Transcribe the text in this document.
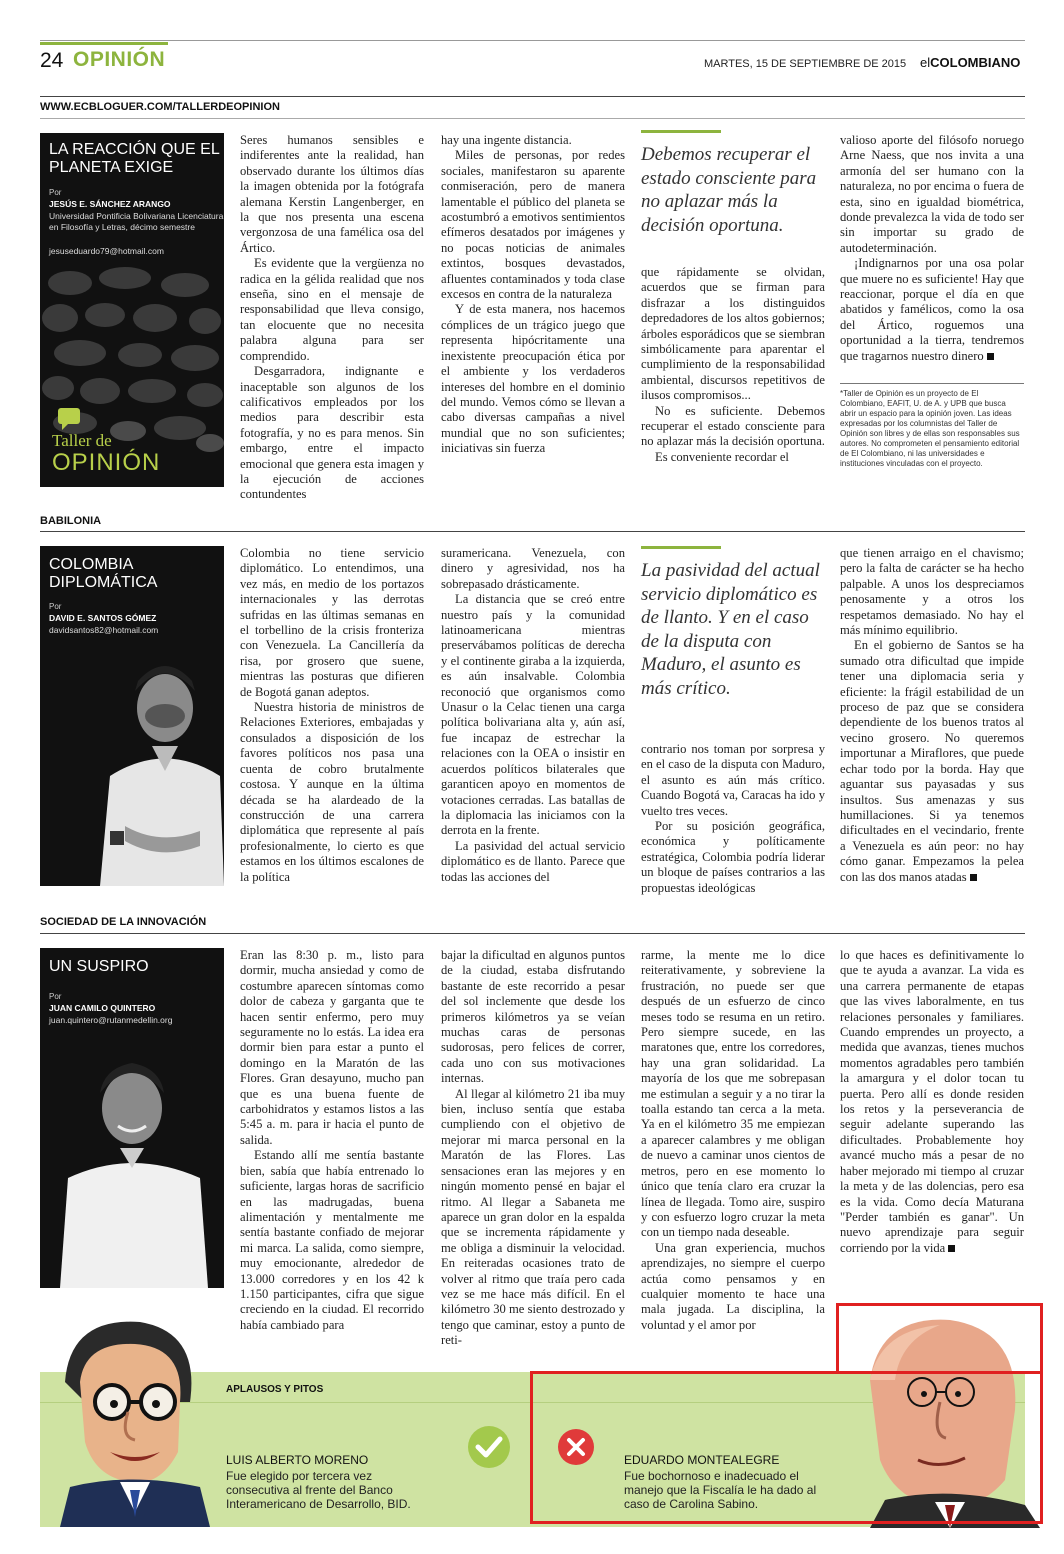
24 OPINIÓN	MARTES, 15 DE SEPTIEMBRE DE 2015 elCOLOMBIANO
WWW.ECBLOGUER.COM/TALLERDEOPINION
LA REACCIÓN QUE EL PLANETA EXIGE
Por
JESÚS E. SÁNCHEZ ARANGO
Universidad Pontificia Bolivariana Licenciatura en Filosofía y Letras, décimo semestre
jesuseduardo79@hotmail.com
Taller de
OPINIÓN

Seres humanos sensibles e indiferentes ante la realidad, han observado durante los últimos días la imagen obtenida por la fotógrafa alemana Kerstin Langenberger, en la que nos presenta una escena vergonzosa de una famélica osa del Ártico.

Es evidente que la vergüenza no radica en la gélida realidad que nos enseña, sino en el mensaje de responsabilidad que lleva consigo, tan elocuente que no necesita palabra alguna para ser comprendido.

Desgarradora, indignante e inaceptable son algunos de los calificativos empleados por los medios para describir esta fotografía, y no es para menos. Sin embargo, entre el impacto emocional que genera esta imagen y la ejecución de acciones contundentes

hay una ingente distancia.

Miles de personas, por redes sociales, manifestaron su aparente conmiseración, pero de manera lamentable el público del planeta se acostumbró a emotivos sentimientos efímeros desatados por imágenes y no pocas noticias de animales extintos, bosques devastados, afluentes contaminados y toda clase excesos en contra de la naturaleza

Y de esta manera, nos hacemos cómplices de un trágico juego que representa hipócritamente una inexistente preocupación ética por el ambiente y los verdaderos intereses del hombre en el dominio del mundo. Vemos cómo se llevan a cabo diversas campañas a nivel mundial que no son suficientes; iniciativas sin fuerza

Debemos recuperar el estado consciente para no aplazar más la decisión oportuna.

que rápidamente se olvidan, acuerdos que se firman para disfrazar a los distinguidos depredadores de los altos gobiernos; árboles esporádicos que se siembran simbólicamente para aparentar el cumplimiento de la responsabilidad ambiental, discursos repetitivos de ilusos compromisos...

No es suficiente. Debemos recuperar el estado consciente para no aplazar más la decisión oportuna.

Es conveniente recordar el

valioso aporte del filósofo noruego Arne Naess, que nos invita a una armonía del ser humano con la naturaleza, no por encima o fuera de esta, sino en igualdad biométrica, donde prevalezca la vida de todo ser sin importar su grado de autodeterminación.

¡Indignarnos por una osa polar que muere no es suficiente! Hay que reaccionar, porque el día en que abatidos y famélicos, como la osa del Ártico, roguemos una oportunidad a la tierra, tendremos que tragarnos nuestro dinero

*Taller de Opinión es un proyecto de El Colombiano, EAFIT, U. de A. y UPB que busca abrir un espacio para la opinión joven. Las ideas expresadas por los columnistas del Taller de Opinión son libres y de ellas son responsables sus autores. No comprometen el pensamiento editorial de El Colombiano, ni las universidades e instituciones vinculadas con el proyecto.
BABILONIA
COLOMBIA DIPLOMÁTICA
Por
DAVID E. SANTOS GÓMEZ
davidsantos82@hotmail.com

Colombia no tiene servicio diplomático. Lo entendimos, una vez más, en medio de los portazos internacionales y las derrotas sufridas en las últimas semanas en el torbellino de la crisis fronteriza con Venezuela. La Cancillería da risa, por grosero que suene, mientras las posturas que difieren de Bogotá ganan adeptos.

Nuestra historia de ministros de Relaciones Exteriores, embajadas y consulados a disposición de los favores políticos nos pasa una cuenta de cobro brutalmente costosa. Y aunque en la última década se ha alardeado de la construcción de una carrera diplomática que represente al país profesionalmente, lo cierto es que estamos en los últimos escalones de la política

suramericana. Venezuela, con dinero y agresividad, nos ha sobrepasado drásticamente.

La distancia que se creó entre nuestro país y la comunidad latinoamericana mientras preservábamos políticas de derecha y el continente giraba a la izquierda, es aún insalvable. Colombia reconoció que organismos como Unasur o la Celac tienen una carga política bolivariana alta y, aún así, fue incapaz de estrechar la relaciones con la OEA o insistir en acuerdos políticos bilaterales que garanticen apoyo en momentos de votaciones cerradas. Las batallas de la diplomacia las iniciamos con la derrota en la frente.

La pasividad del actual servicio diplomático es de llanto. Parece que todas las acciones del

La pasividad del actual servicio diplomático es de llanto. Y en el caso de la disputa con Maduro, el asunto es más crítico.

contrario nos toman por sorpresa y en el caso de la disputa con Maduro, el asunto es aún más crítico. Cuando Bogotá va, Caracas ha ido y vuelto tres veces.

Por su posición geográfica, económica y políticamente estratégica, Colombia podría liderar un bloque de países contrarios a las propuestas ideológicas

que tienen arraigo en el chavismo; pero la falta de carácter se ha hecho palpable. A unos los despreciamos penosamente y a otros los respetamos demasiado. No hay el más mínimo equilibrio.

En el gobierno de Santos se ha sumado otra dificultad que impide tener una diplomacia seria y eficiente: la frágil estabilidad de un proceso de paz que se considera dependiente de los buenos tratos al vecino grosero. No queremos importunar a Miraflores, que puede echar todo por la borda. Hay que aguantar sus payasadas y sus insultos. Sus amenazas y sus humillaciones. Si ya tenemos dificultades en el vecindario, frente a Venezuela es aún peor: no hay cómo ganar. Empezamos la pelea con las dos manos atadas

SOCIEDAD DE LA INNOVACIÓN
UN SUSPIRO
Por
JUAN CAMILO QUINTERO
juan.quintero@rutanmedellin.org

Eran las 8:30 p. m., listo para dormir, mucha ansiedad y como de costumbre aparecen síntomas como dolor de cabeza y garganta que te hacen sentir enfermo, pero muy seguramente no lo estás. La idea era dormir bien para estar a punto el domingo en la Maratón de las Flores. Gran desayuno, mucho pan que es una buena fuente de carbohidratos y estamos listos a las 5:45 a. m. para ir hacia el punto de salida.

Estando allí me sentía bastante bien, sabía que había entrenado lo suficiente, largas horas de sacrificio en las madrugadas, buena alimentación y mentalmente me sentía bastante confiado de mejorar mi marca. La salida, como siempre, muy emocionante, alrededor de 13.000 corredores y en los 42 k 1.150 participantes, cifra que sigue creciendo en la ciudad. El recorrido había cambiado para

bajar la dificultad en algunos puntos de la ciudad, estaba disfrutando bastante de este recorrido a pesar del sol inclemente que desde los primeros kilómetros ya se veían muchas caras de personas sudorosas, pero felices de correr, cada uno con sus motivaciones internas.

Al llegar al kilómetro 21 iba muy bien, incluso sentía que estaba cumpliendo con el objetivo de mejorar mi marca personal en la Maratón de las Flores. Las sensaciones eran las mejores y en ningún momento pensé en bajar el ritmo. Al llegar a Sabaneta me aparece un gran dolor en la espalda que se incrementa rápidamente y me obliga a disminuir la velocidad. En reiteradas ocasiones trato de volver al ritmo que traía pero cada vez se me hace más difícil. En el kilómetro 30 me siento destrozado y tengo que caminar, estoy a punto de reti-

rarme, la mente me lo dice reiterativamente, y sobreviene la frustración, no puede ser que después de un esfuerzo de cinco meses todo se resuma en un retiro. Pero siempre sucede, en las maratones que, entre los corredores, hay una gran solidaridad. La mayoría de los que me sobrepasan me estimulan a seguir y a no tirar la toalla estando tan cerca a la meta. Ya en el kilómetro 35 me empiezan a aparecer calambres y me obligan de nuevo a caminar unos cientos de metros, pero en ese momento lo único que tenía claro era cruzar la línea de llegada. Tomo aire, suspiro y con esfuerzo logro cruzar la meta con un tiempo nada deseable.

Una gran experiencia, muchos aprendizajes, no siempre el cuerpo actúa como pensamos y en cualquier momento te hace una mala jugada. La disciplina, la voluntad y el amor por

lo que haces es definitivamente lo que te ayuda a avanzar. La vida es una carrera permanente de etapas que las vives laboralmente, en tus relaciones personales y familiares. Cuando emprendes un proyecto, a medida que avanzas, tienes muchos momentos agradables pero también la amargura y el dolor tocan tu puerta. Pero allí es donde residen los retos y la perseverancia de seguir adelante superando las dificultades. Probablemente hoy avancé mucho más a pesar de no haber mejorado mi tiempo al cruzar la meta y de las dolencias, pero esa es la vida. Como decía Maturana "Perder también es ganar". Un nuevo aprendizaje para seguir corriendo por la vida

APLAUSOS Y PITOS
LUIS ALBERTO MORENO
Fue elegido por tercera vez consecutiva al frente del Banco Interamericano de Desarrollo, BID.
EDUARDO MONTEALEGRE
Fue bochornoso e inadecuado el manejo que la Fiscalía le ha dado al caso de Carolina Sabino.
